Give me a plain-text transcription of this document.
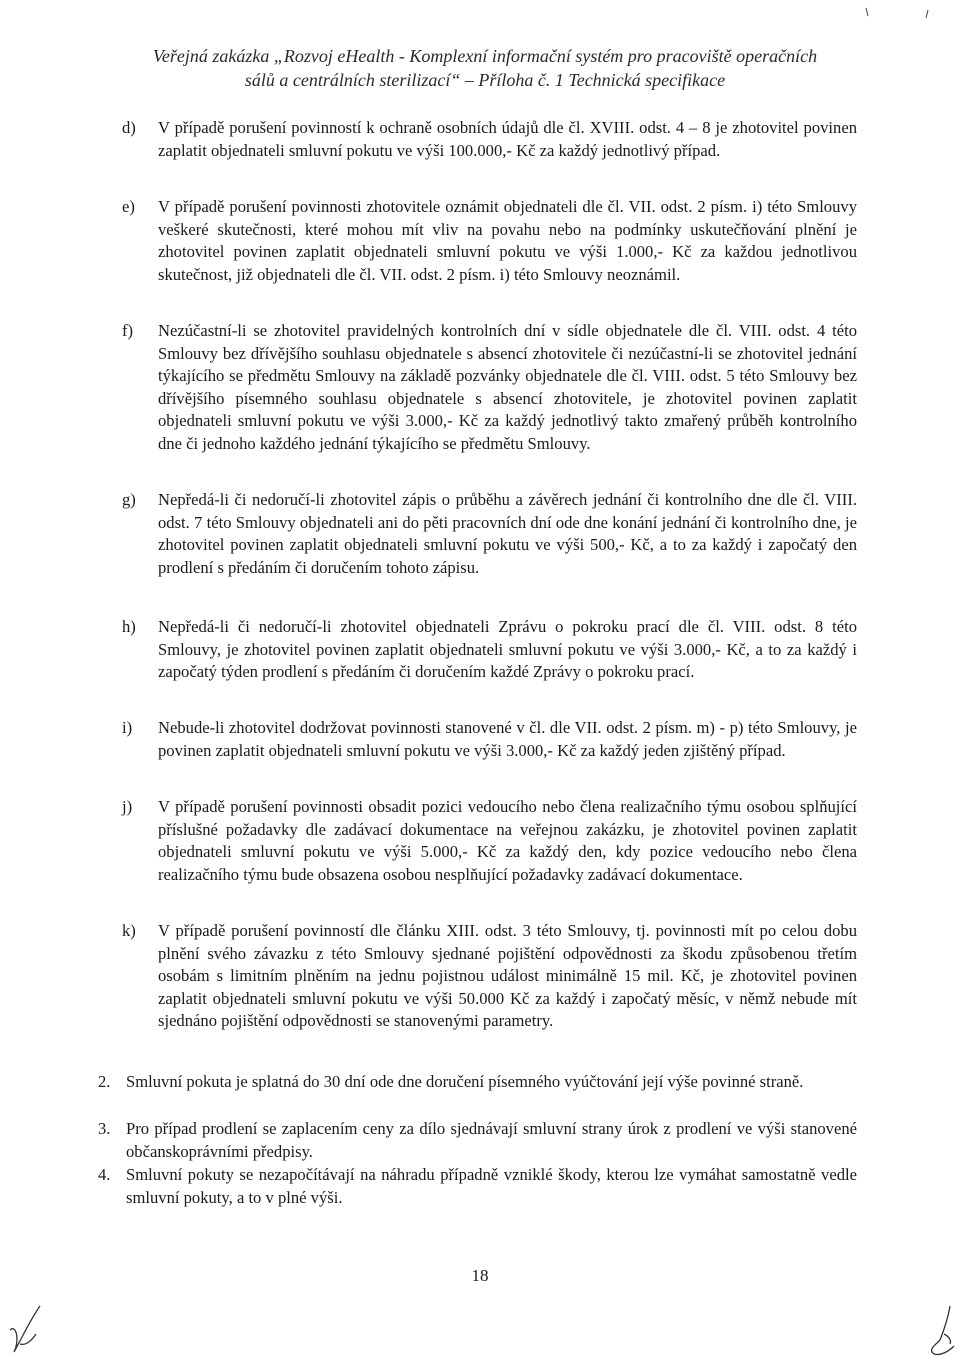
Veřejná zakázka „Rozvoj eHealth - Komplexní informační systém pro pracoviště operačních
sálů a centrálních sterilizací“ – Příloha č. 1 Technická specifikace
d)	V případě porušení povinností k ochraně osobních údajů dle čl. XVIII. odst. 4 – 8 je zhotovitel povinen zaplatit objednateli smluvní pokutu ve výši 100.000,- Kč za každý jednotlivý případ.
e)	V případě porušení povinnosti zhotovitele oznámit objednateli dle čl. VII. odst. 2 písm. i) této Smlouvy veškeré skutečnosti, které mohou mít vliv na povahu nebo na podmínky uskutečňování plnění je zhotovitel povinen zaplatit objednateli smluvní pokutu ve výši 1.000,- Kč za každou jednotlivou skutečnost, již objednateli dle čl. VII. odst. 2 písm. i) této Smlouvy neoznámil.
f)	Nezúčastní-li se zhotovitel pravidelných kontrolních dní v sídle objednatele dle čl. VIII. odst. 4 této Smlouvy bez dřívějšího souhlasu objednatele s absencí zhotovitele či nezúčastní-li se zhotovitel jednání týkajícího se předmětu Smlouvy na základě pozvánky objednatele dle čl. VIII. odst. 5 této Smlouvy bez dřívějšího písemného souhlasu objednatele s absencí zhotovitele, je zhotovitel povinen zaplatit objednateli smluvní pokutu ve výši 3.000,- Kč za každý jednotlivý takto zmařený průběh kontrolního dne či jednoho každého jednání týkajícího se předmětu Smlouvy.
g)	Nepředá-li či nedoručí-li zhotovitel zápis o průběhu a závěrech jednání či kontrolního dne dle čl. VIII. odst. 7 této Smlouvy objednateli ani do pěti pracovních dní ode dne konání jednání či kontrolního dne, je zhotovitel povinen zaplatit objednateli smluvní pokutu ve výši 500,- Kč, a to za každý i započatý den prodlení s předáním či doručením tohoto zápisu.
h)	Nepředá-li či nedoručí-li zhotovitel objednateli Zprávu o pokroku prací dle čl. VIII. odst. 8 této Smlouvy, je zhotovitel povinen zaplatit objednateli smluvní pokutu ve výši 3.000,- Kč, a to za každý i započatý týden prodlení s předáním či doručením každé Zprávy o pokroku prací.
i)	Nebude-li zhotovitel dodržovat povinnosti stanovené v čl. dle VII. odst. 2 písm. m) - p) této Smlouvy, je povinen zaplatit objednateli smluvní pokutu ve výši 3.000,- Kč za každý jeden zjištěný případ.
j)	V případě porušení povinnosti obsadit pozici vedoucího nebo člena realizačního týmu osobou splňující příslušné požadavky dle zadávací dokumentace na veřejnou zakázku, je zhotovitel povinen zaplatit objednateli smluvní pokutu ve výši 5.000,- Kč za každý den, kdy pozice vedoucího nebo člena realizačního týmu bude obsazena osobou nesplňující požadavky zadávací dokumentace.
k)	V případě porušení povinností dle článku XIII. odst. 3 této Smlouvy, tj. povinnosti mít po celou dobu plnění svého závazku z této Smlouvy sjednané pojištění odpovědnosti za škodu způsobenou třetím osobám s limitním plněním na jednu pojistnou událost minimálně 15 mil. Kč, je zhotovitel povinen zaplatit objednateli smluvní pokutu ve výši 50.000 Kč za každý i započatý měsíc, v němž nebude mít sjednáno pojištění odpovědnosti se stanovenými parametry.
2. Smluvní pokuta je splatná do 30 dní ode dne doručení písemného vyúčtování její výše povinné straně.
3. Pro případ prodlení se zaplacením ceny za dílo sjednávají smluvní strany úrok z prodlení ve výši stanovené občanskoprávními předpisy.
4. Smluvní pokuty se nezapočítávají na náhradu případně vzniklé škody, kterou lze vymáhat samostatně vedle smluvní pokuty, a to v plné výši.
18
